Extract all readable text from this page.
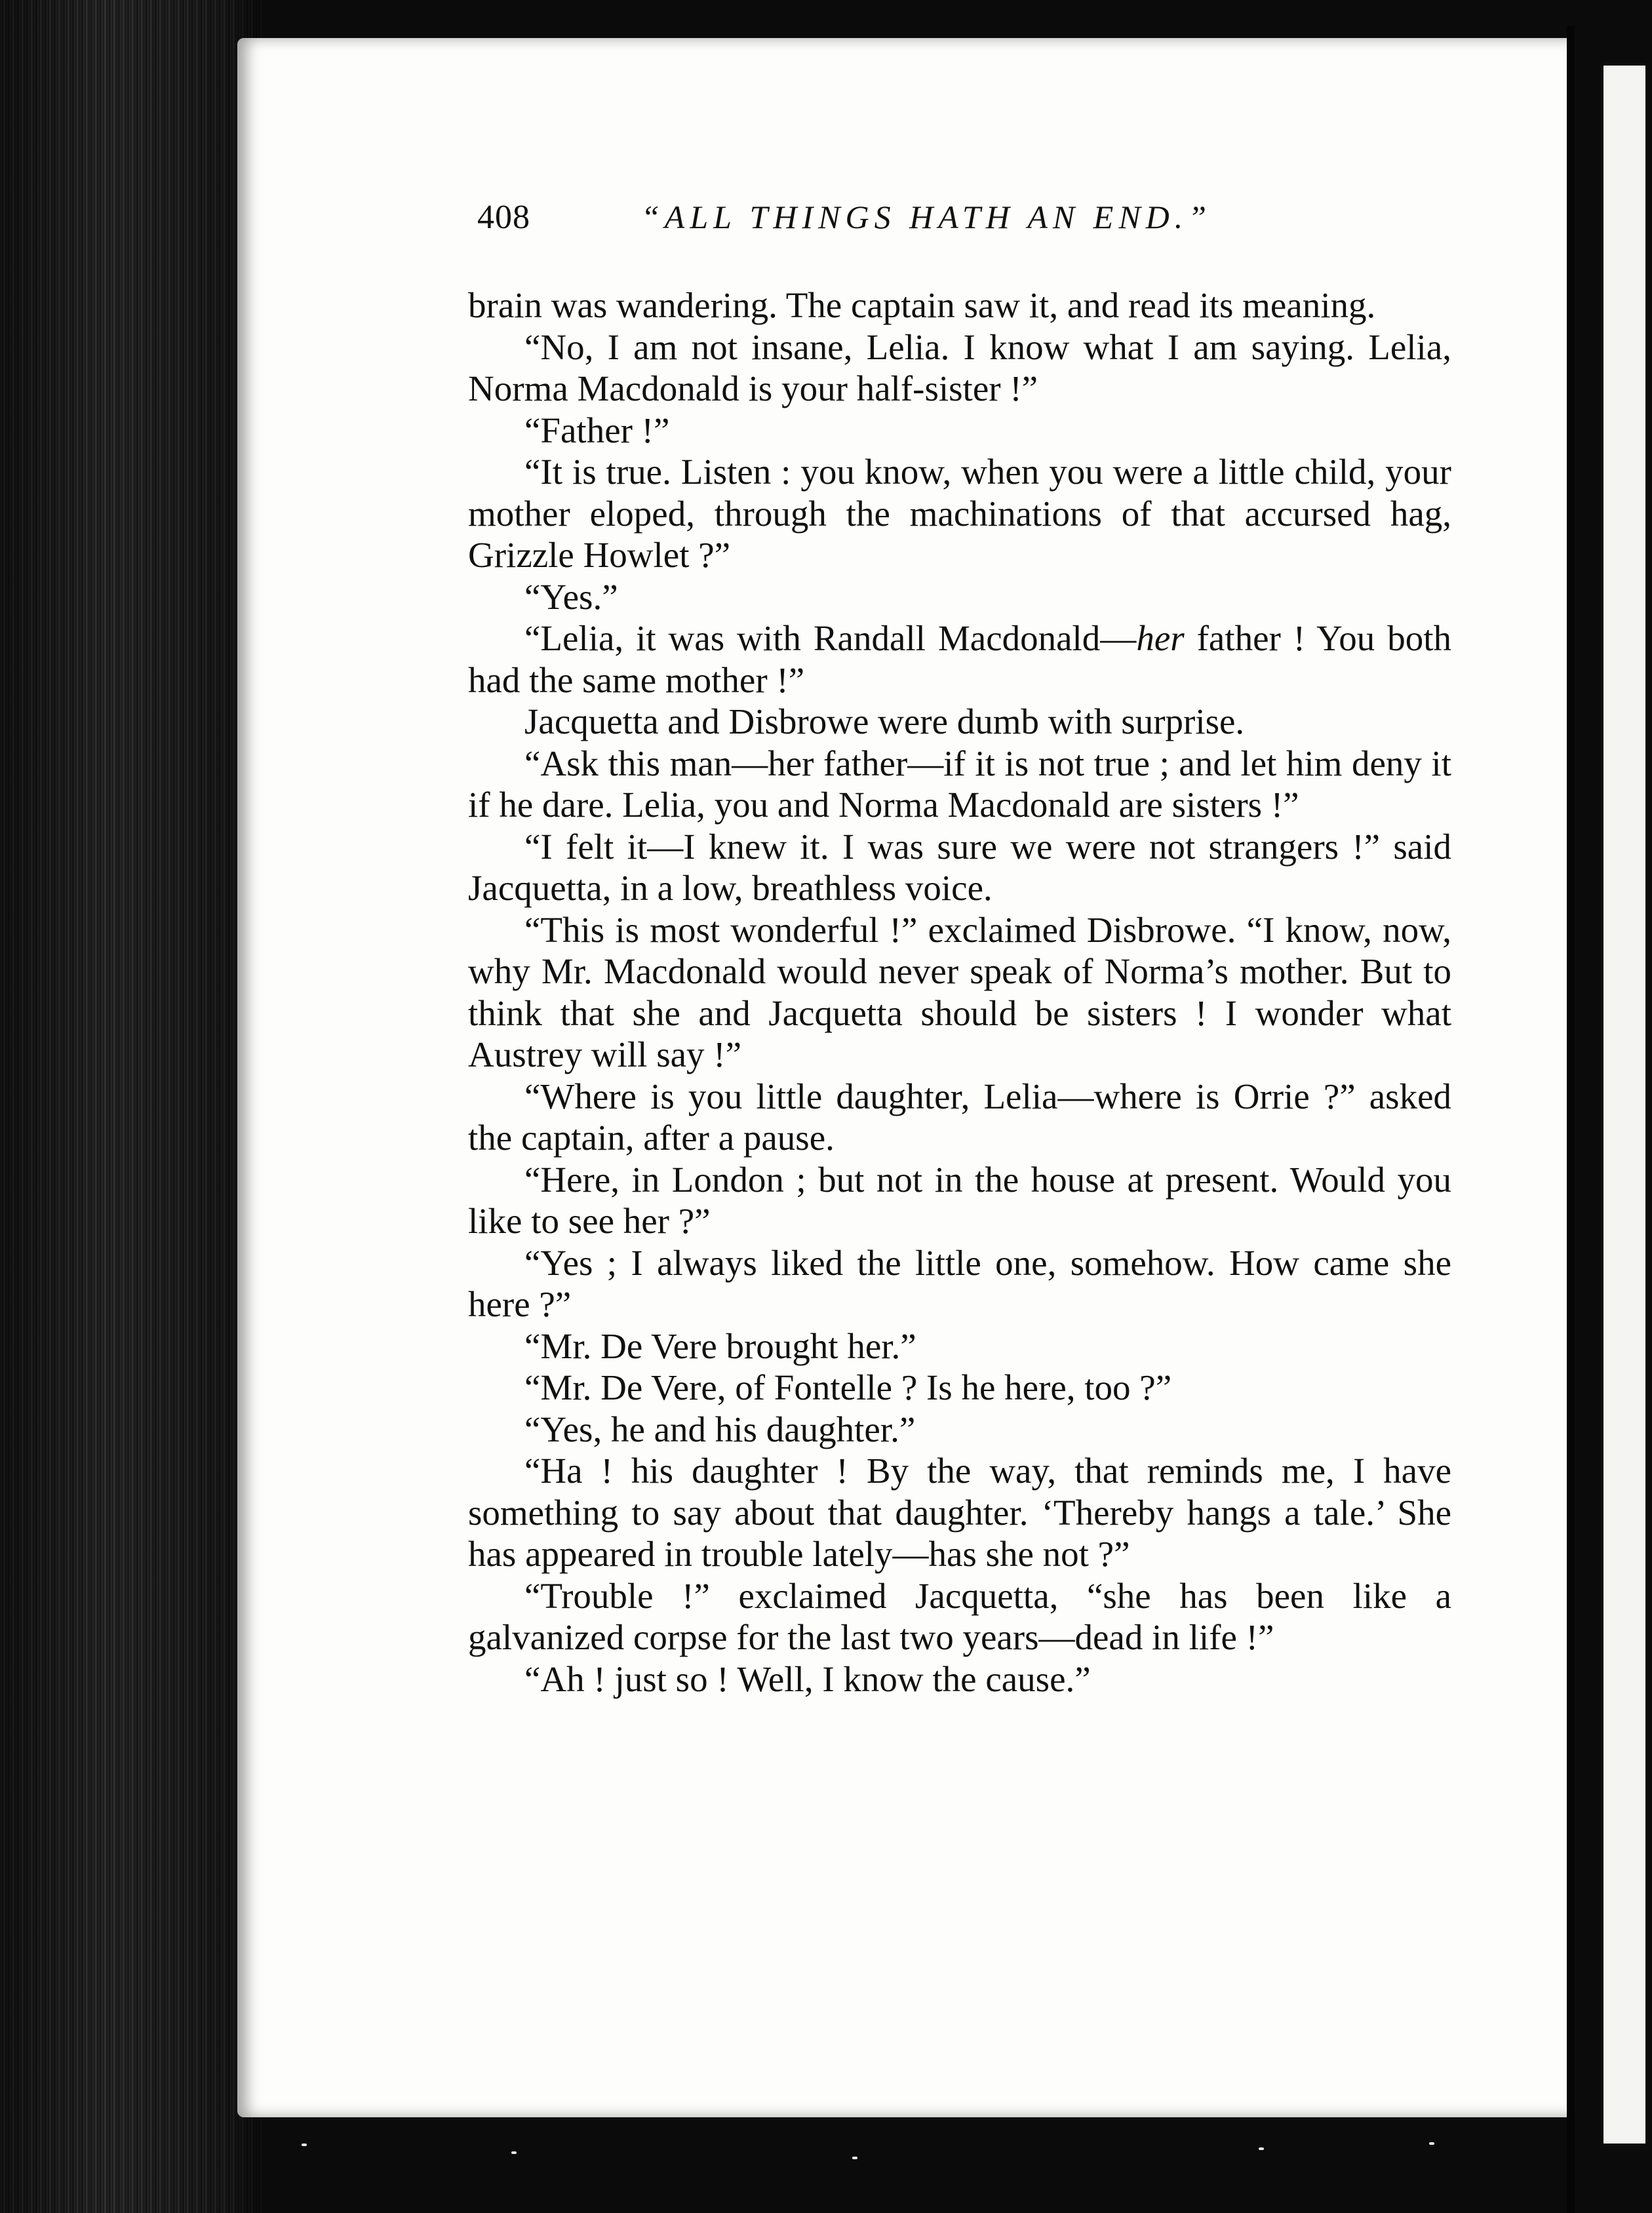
408	“ALL THINGS HATH AN END.”

brain was wandering. The captain saw it, and read its meaning.

“No, I am not insane, Lelia. I know what I am saying. Lelia, Norma Macdonald is your half-sister !”

“Father !”

“It is true. Listen : you know, when you were a little child, your mother eloped, through the machinations of that accursed hag, Grizzle Howlet ?”

“Yes.”

“Lelia, it was with Randall Macdonald—her father ! You both had the same mother !”

Jacquetta and Disbrowe were dumb with surprise.

“Ask this man—her father—if it is not true ; and let him deny it if he dare. Lelia, you and Norma Macdonald are sisters !”

“I felt it—I knew it. I was sure we were not strangers !” said Jacquetta, in a low, breathless voice.

“This is most wonderful !” exclaimed Disbrowe. “I know, now, why Mr. Macdonald would never speak of Norma’s mother. But to think that she and Jacquetta should be sisters ! I wonder what Austrey will say !”

“Where is you little daughter, Lelia—where is Orrie ?” asked the captain, after a pause.

“Here, in London ; but not in the house at present. Would you like to see her ?”

“Yes ; I always liked the little one, somehow. How came she here ?”

“Mr. De Vere brought her.”

“Mr. De Vere, of Fontelle ? Is he here, too ?”

“Yes, he and his daughter.”

“Ha ! his daughter ! By the way, that reminds me, I have something to say about that daughter. ‘Thereby hangs a tale.’ She has appeared in trouble lately—has she not ?”

“Trouble !” exclaimed Jacquetta, “she has been like a galvanized corpse for the last two years—dead in life !”

“Ah ! just so ! Well, I know the cause.”
